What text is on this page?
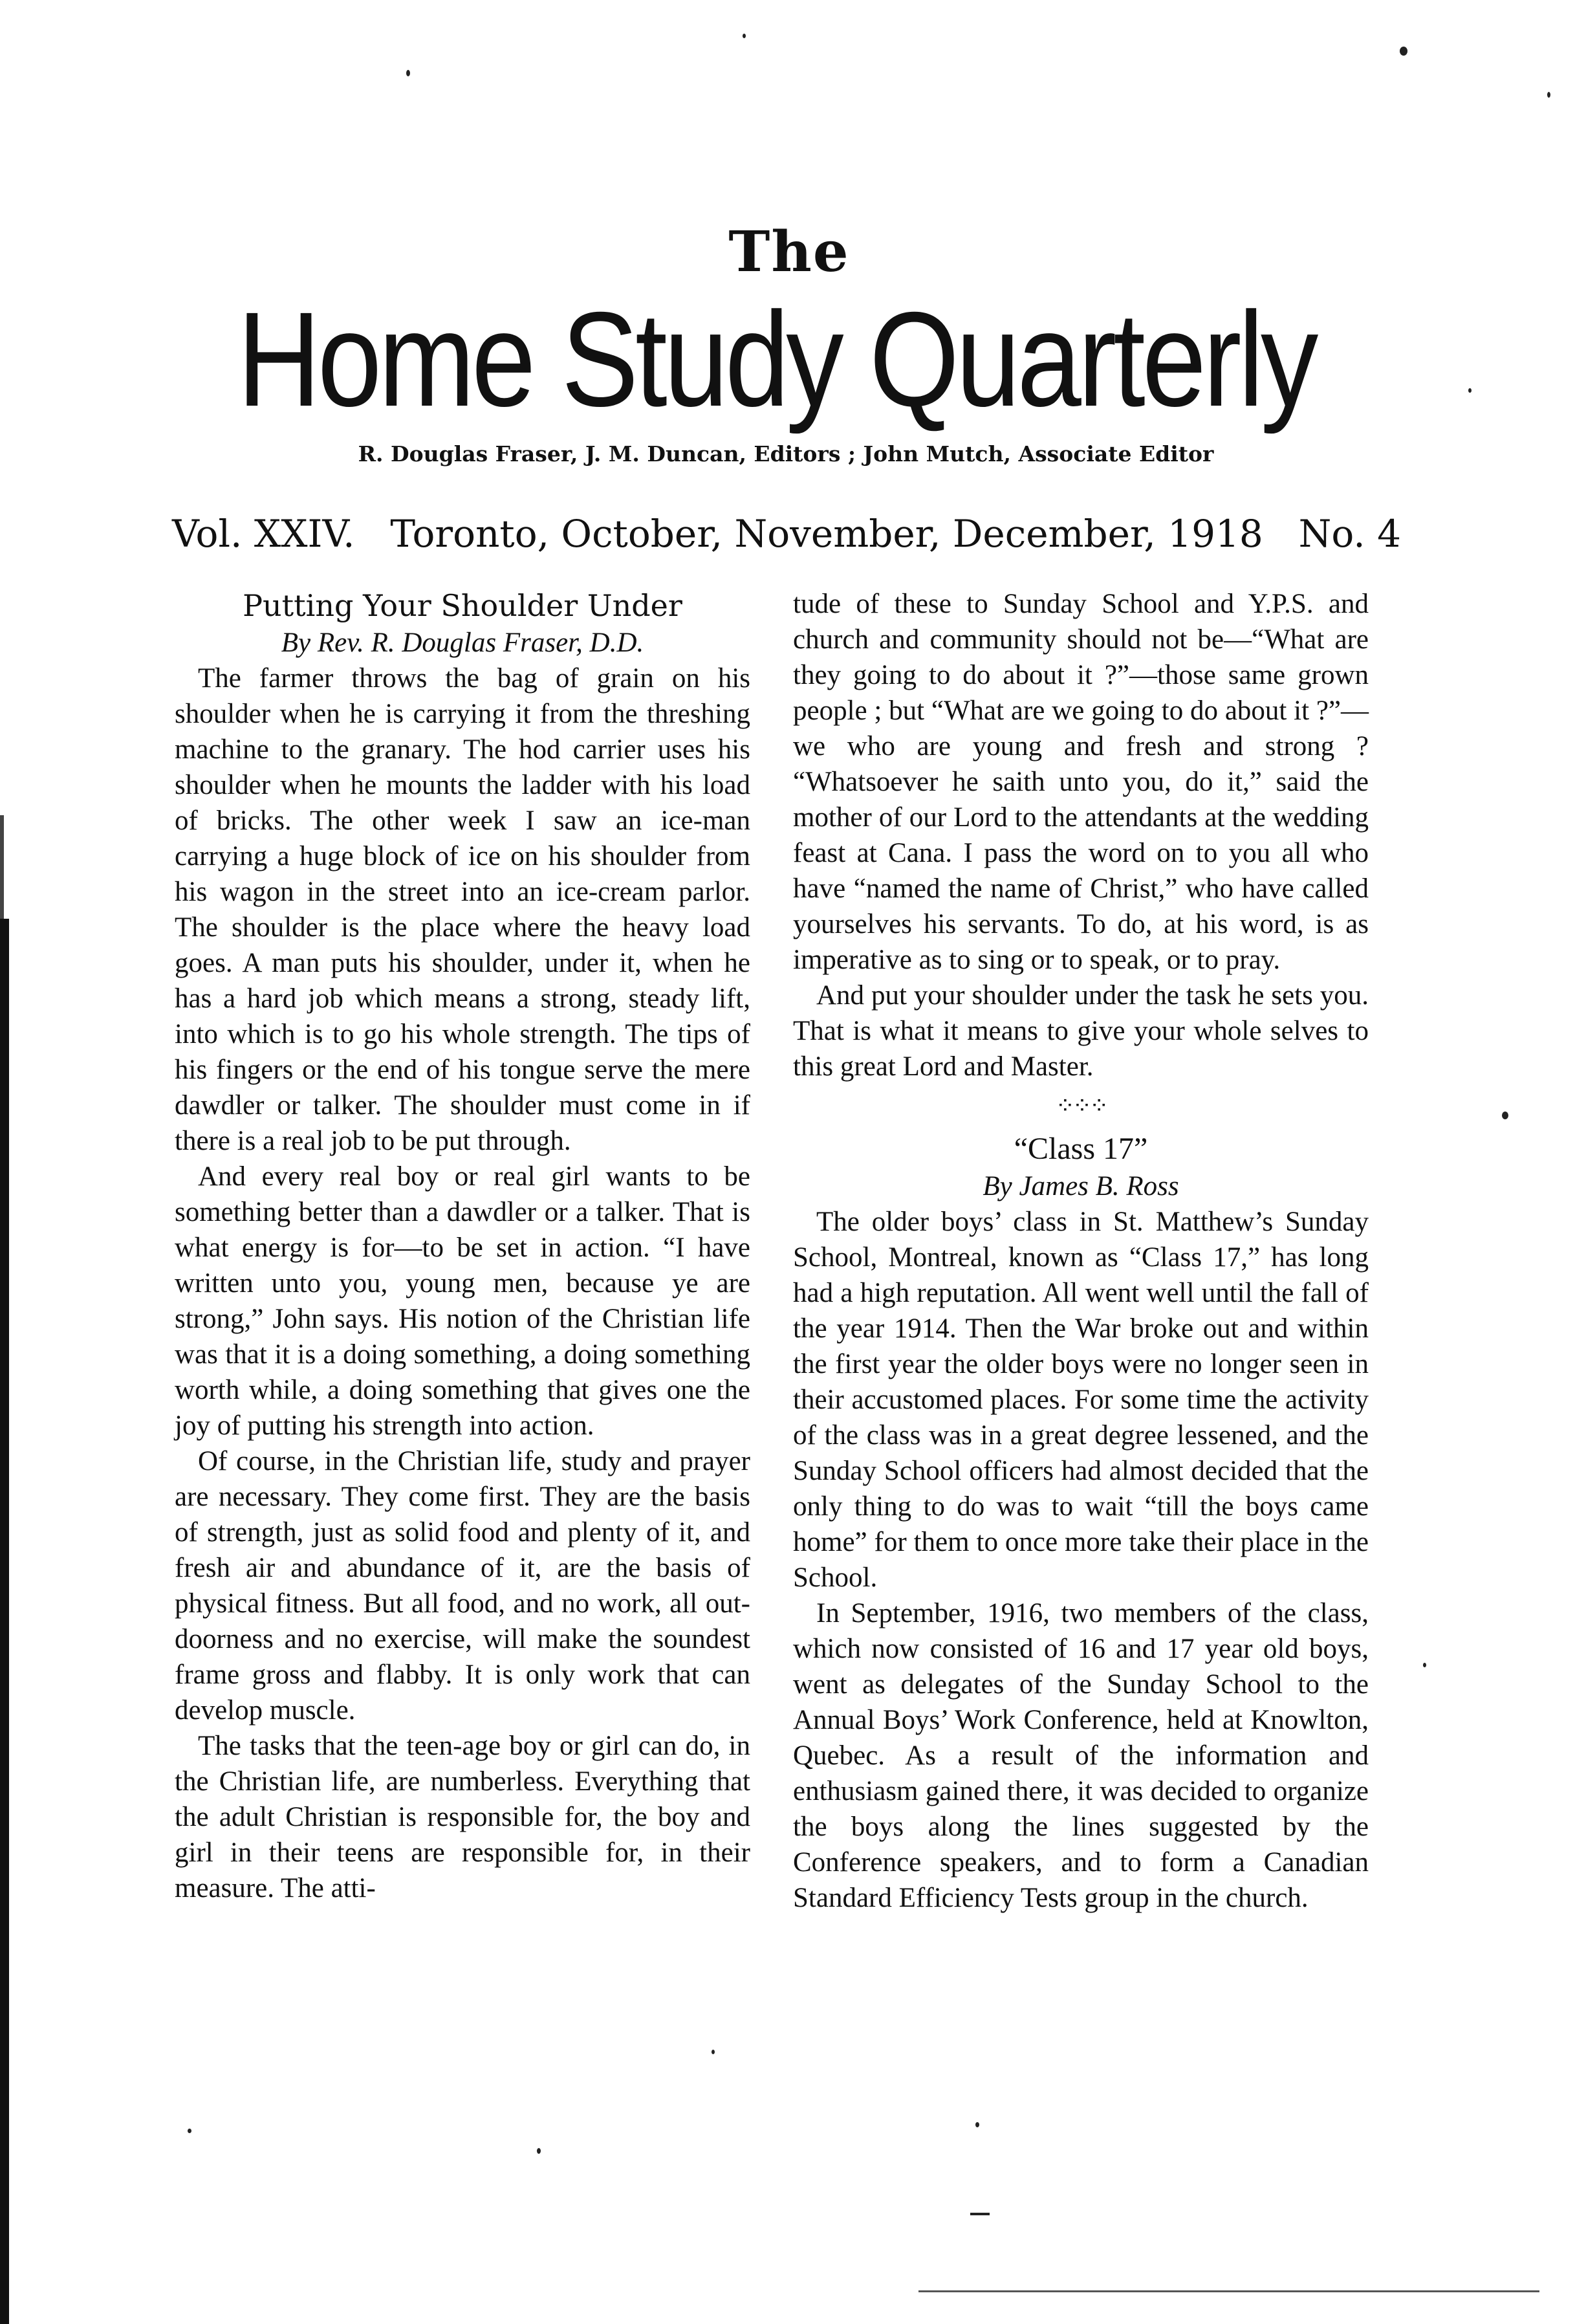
The
Home Study Quarterly
R. Douglas Fraser, J. M. Duncan, Editors ; John Mutch, Associate Editor
Vol. XXIV. Toronto, October, November, December, 1918 No. 4
Putting Your Shoulder Under

By Rev. R. Douglas Fraser, D.D.

The farmer throws the bag of grain on his shoulder when he is carrying it from the threshing machine to the granary. The hod carrier uses his shoulder when he mounts the ladder with his load of bricks. The other week I saw an ice-man carrying a huge block of ice on his shoulder from his wagon in the street into an ice-cream parlor. The shoulder is the place where the heavy load goes. A man puts his shoulder, under it, when he has a hard job which means a strong, steady lift, into which is to go his whole strength. The tips of his fingers or the end of his tongue serve the mere dawdler or talker. The shoulder must come in if there is a real job to be put through.

And every real boy or real girl wants to be something better than a dawdler or a talker. That is what energy is for—to be set in action. “I have written unto you, young men, because ye are strong,” John says. His notion of the Christian life was that it is a doing something, a doing something worth while, a doing something that gives one the joy of putting his strength into action.

Of course, in the Christian life, study and prayer are necessary. They come first. They are the basis of strength, just as solid food and plenty of it, and fresh air and abundance of it, are the basis of physical fitness. But all food, and no work, all out-doorness and no exercise, will make the soundest frame gross and flabby. It is only work that can develop muscle.

The tasks that the teen-age boy or girl can do, in the Christian life, are numberless. Everything that the adult Christian is responsible for, the boy and girl in their teens are responsible for, in their measure. The atti-

tude of these to Sunday School and Y.P.S. and church and community should not be—“What are they going to do about it ?”—those same grown people ; but “What are we going to do about it ?”—we who are young and fresh and strong ? “Whatsoever he saith unto you, do it,” said the mother of our Lord to the attendants at the wedding feast at Cana. I pass the word on to you all who have “named the name of Christ,” who have called yourselves his servants. To do, at his word, is as imperative as to sing or to speak, or to pray.

And put your shoulder under the task he sets you. That is what it means to give your whole selves to this great Lord and Master.

⁘⁘⁘
“Class 17”

By James B. Ross

The older boys’ class in St. Matthew’s Sunday School, Montreal, known as “Class 17,” has long had a high reputation. All went well until the fall of the year 1914. Then the War broke out and within the first year the older boys were no longer seen in their accustomed places. For some time the activity of the class was in a great degree lessened, and the Sunday School officers had almost decided that the only thing to do was to wait “till the boys came home” for them to once more take their place in the School.

In September, 1916, two members of the class, which now consisted of 16 and 17 year old boys, went as delegates of the Sunday School to the Annual Boys’ Work Conference, held at Knowlton, Quebec. As a result of the information and enthusiasm gained there, it was decided to organize the boys along the lines suggested by the Conference speakers, and to form a Canadian Standard Efficiency Tests group in the church.
